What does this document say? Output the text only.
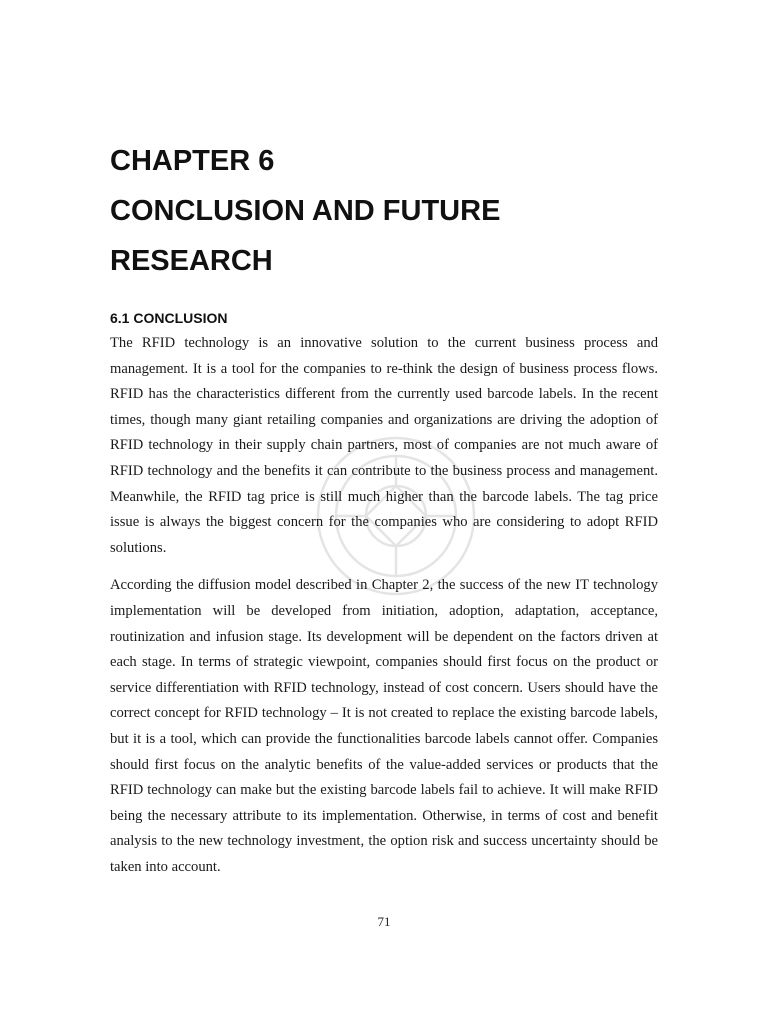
CHAPTER 6
CONCLUSION AND FUTURE
RESEARCH
6.1 CONCLUSION

The RFID technology is an innovative solution to the current business process and management. It is a tool for the companies to re-think the design of business process flows. RFID has the characteristics different from the currently used barcode labels. In the recent times, though many giant retailing companies and organizations are driving the adoption of RFID technology in their supply chain partners, most of companies are not much aware of RFID technology and the benefits it can contribute to the business process and management. Meanwhile, the RFID tag price is still much higher than the barcode labels. The tag price issue is always the biggest concern for the companies who are considering to adopt RFID solutions.

According the diffusion model described in Chapter 2, the success of the new IT technology implementation will be developed from initiation, adoption, adaptation, acceptance, routinization and infusion stage. Its development will be dependent on the factors driven at each stage. In terms of strategic viewpoint, companies should first focus on the product or service differentiation with RFID technology, instead of cost concern. Users should have the correct concept for RFID technology – It is not created to replace the existing barcode labels, but it is a tool, which can provide the functionalities barcode labels cannot offer. Companies should first focus on the analytic benefits of the value-added services or products that the RFID technology can make but the existing barcode labels fail to achieve. It will make RFID being the necessary attribute to its implementation. Otherwise, in terms of cost and benefit analysis to the new technology investment, the option risk and success uncertainty should be taken into account.

71
